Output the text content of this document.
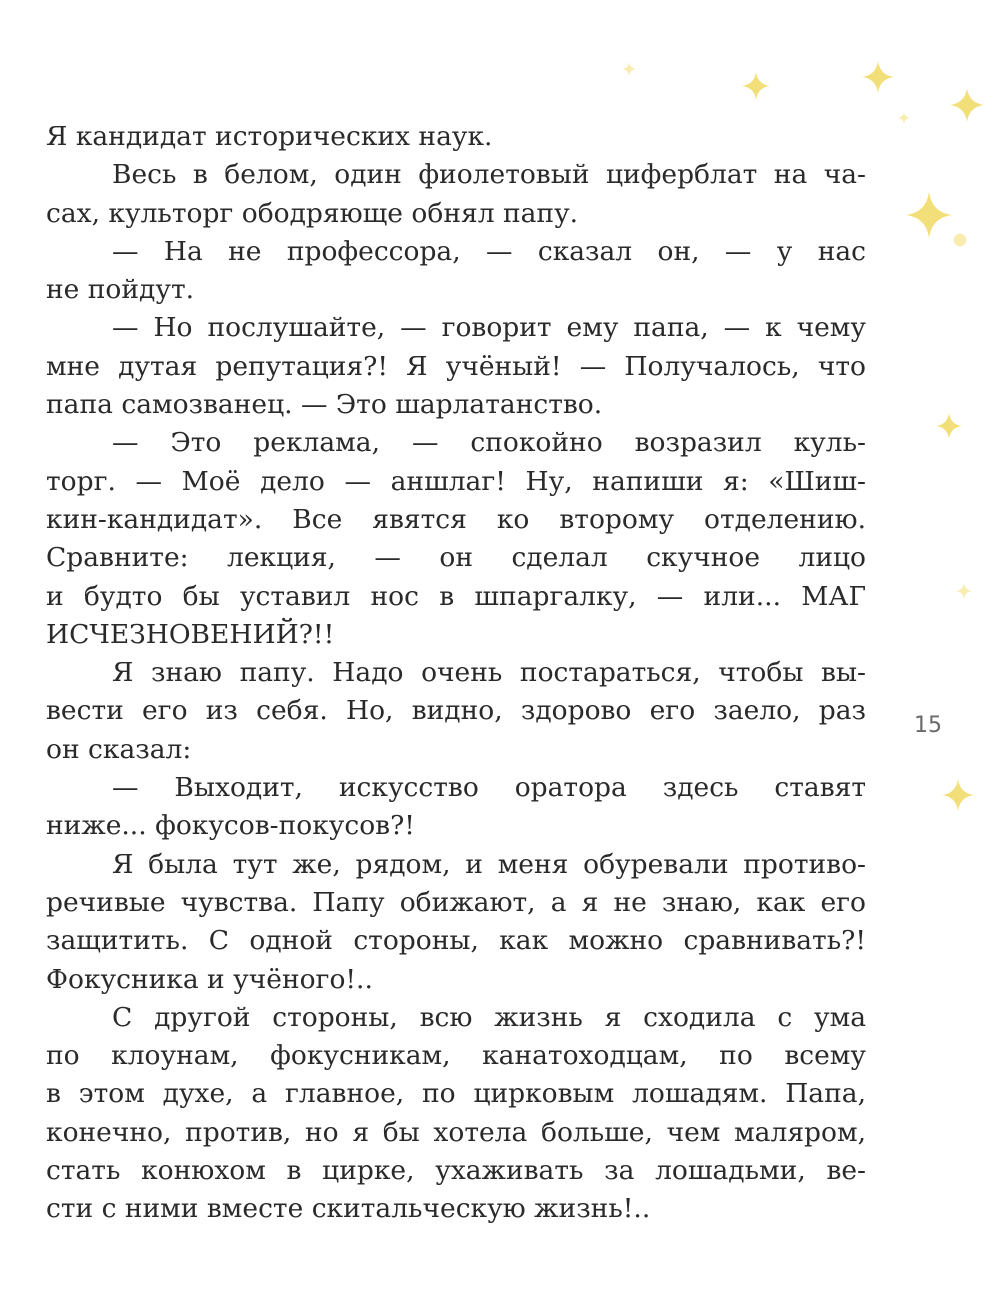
15
Я кандидат исторических наук.
Весь в белом, один фиолетовый циферблат на ча-
сах, культорг ободряюще обнял папу.
— На не профессора, — сказал он, — у нас
не пойдут.
— Но послушайте, — говорит ему папа, — к чему
мне дутая репутация?! Я учёный! — Получалось, что
папа самозванец. — Это шарлатанство.
— Это реклама, — спокойно возразил куль-
торг. — Моё дело — аншлаг! Ну, напиши я: «Шиш-
кин-кандидат». Все явятся ко второму отделению.
Сравните: лекция, — он сделал скучное лицо
и будто бы уставил нос в шпаргалку, — или... МАГ
ИСЧЕЗНОВЕНИЙ?!!
Я знаю папу. Надо очень постараться, чтобы вы-
вести его из себя. Но, видно, здорово его заело, раз
он сказал:
— Выходит, искусство оратора здесь ставят
ниже... фокусов-покусов?!
Я была тут же, рядом, и меня обуревали противо-
речивые чувства. Папу обижают, а я не знаю, как его
защитить. С одной стороны, как можно сравнивать?!
Фокусника и учёного!..
С другой стороны, всю жизнь я сходила с ума
по клоунам, фокусникам, канатоходцам, по всему
в этом духе, а главное, по цирковым лошадям. Папа,
конечно, против, но я бы хотела больше, чем маляром,
стать конюхом в цирке, ухаживать за лошадьми, ве-
сти с ними вместе скитальческую жизнь!..
